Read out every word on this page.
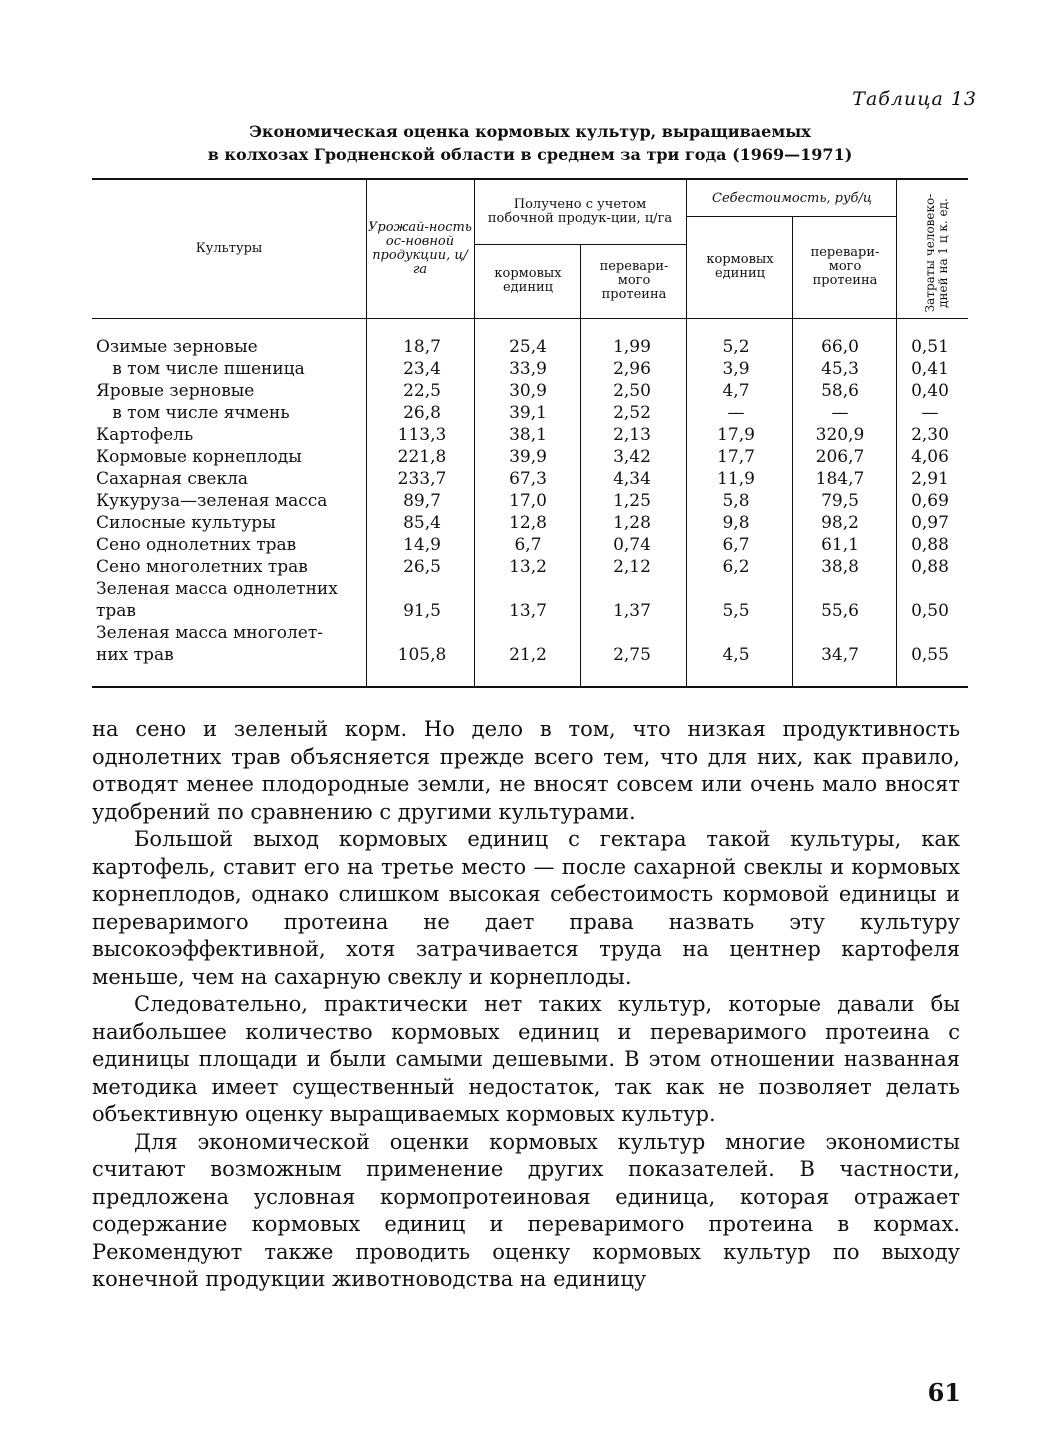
Таблица 13
Экономическая оценка кормовых культур, выращиваемых
в колхозах Гродненской области в среднем за три года (1969—1971)
Культуры
Урожай-ность ос-новной продукции, ц/га
Получено с учетом побочной продук-ции, ц/га
кормовых единиц
перевари-мого протеина
Себестоимость, руб/ц
кормовых единиц
перевари-мого протеина	Затраты человеко-дней на 1 ц к. ед.
Озимые зерновые	18,7	25,4	1,99	5,2	66,0	0,51
в том числе пшеница	23,4	33,9	2,96	3,9	45,3	0,41
Яровые зерновые	22,5	30,9	2,50	4,7	58,6	0,40
в том числе ячмень	26,8	39,1	2,52	—	—	—
Картофель	113,3	38,1	2,13	17,9	320,9	2,30
Кормовые корнеплоды	221,8	39,9	3,42	17,7	206,7	4,06
Сахарная свекла	233,7	67,3	4,34	11,9	184,7	2,91
Кукуруза—зеленая масса	89,7	17,0	1,25	5,8	79,5	0,69
Силосные культуры	85,4	12,8	1,28	9,8	98,2	0,97
Сено однолетних трав	14,9	6,7	0,74	6,7	61,1	0,88
Сено многолетних трав	26,5	13,2	2,12	6,2	38,8	0,88
Зеленая масса однолетних
трав	91,5	13,7	1,37	5,5	55,6	0,50
Зеленая масса многолет-
них трав	105,8	21,2	2,75	4,5	34,7	0,55

на сено и зеленый корм. Но дело в том, что низкая продуктивность однолетних трав объясняется прежде всего тем, что для них, как правило, отводят менее плодородные земли, не вносят совсем или очень мало вносят удобрений по сравнению с другими культурами.

Большой выход кормовых единиц с гектара такой культуры, как картофель, ставит его на третье место — после сахарной свеклы и кормовых корнеплодов, однако слишком высокая себестоимость кормовой единицы и переваримого протеина не дает права назвать эту культуру высокоэффективной, хотя затрачивается труда на центнер картофеля меньше, чем на сахарную свеклу и корнеплоды.

Следовательно, практически нет таких культур, которые давали бы наибольшее количество кормовых единиц и переваримого протеина с единицы площади и были самыми дешевыми. В этом отношении названная методика имеет существенный недостаток, так как не позволяет делать объективную оценку выращиваемых кормовых культур.

Для экономической оценки кормовых культур многие экономисты считают возможным применение других показателей. В частности, предложена условная кормопротеиновая единица, которая отражает содержание кормовых единиц и переваримого протеина в кормах. Рекомендуют также проводить оценку кормовых культур по выходу конечной продукции животноводства на единицу

61
